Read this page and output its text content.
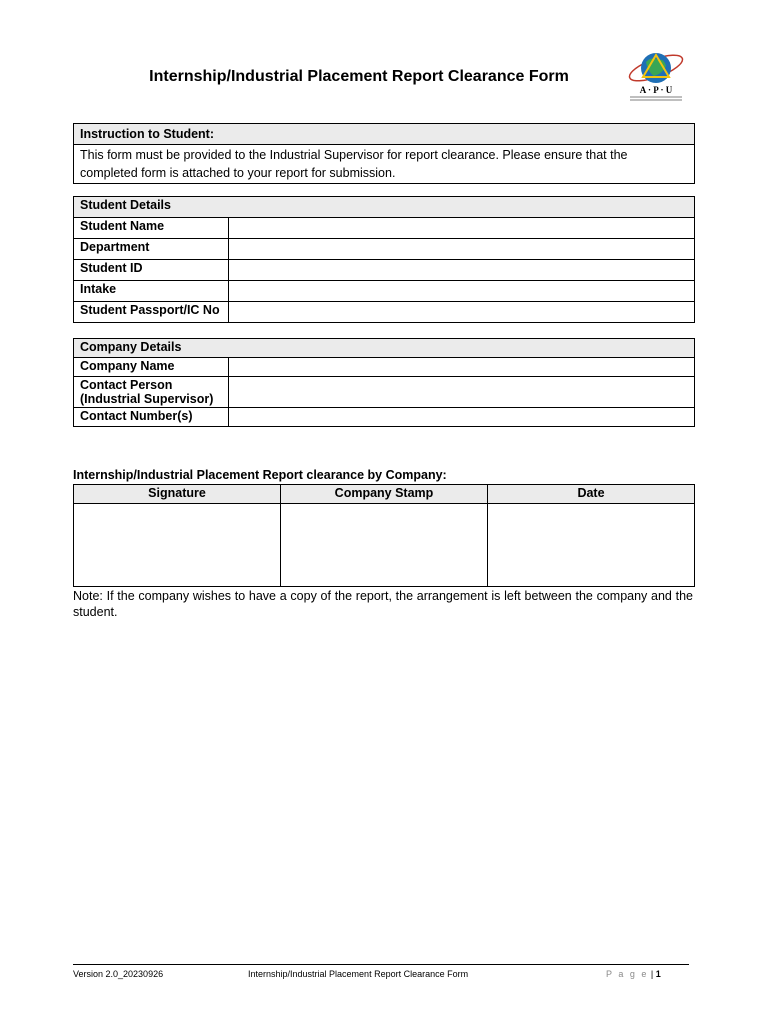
Internship/Industrial Placement Report Clearance Form
A · P · U
Instruction to Student:
This form must be provided to the Industrial Supervisor for report clearance. Please ensure that the completed form is attached to your report for submission.
Student Details	
Student Name	
Department	
Student ID	
Intake	
Student Passport/IC No	
Company Details	
Company Name	

Contact Person
(Industrial Supervisor)	

Contact Number(s)	
Internship/Industrial Placement Report clearance by Company:
Signature	Company Stamp	Date

Note: If the company wishes to have a copy of the report, the arrangement is left between the company and the student.
Version 2.0_20230926	Internship/Industrial Placement Report Clearance Form	P a g e | 1
